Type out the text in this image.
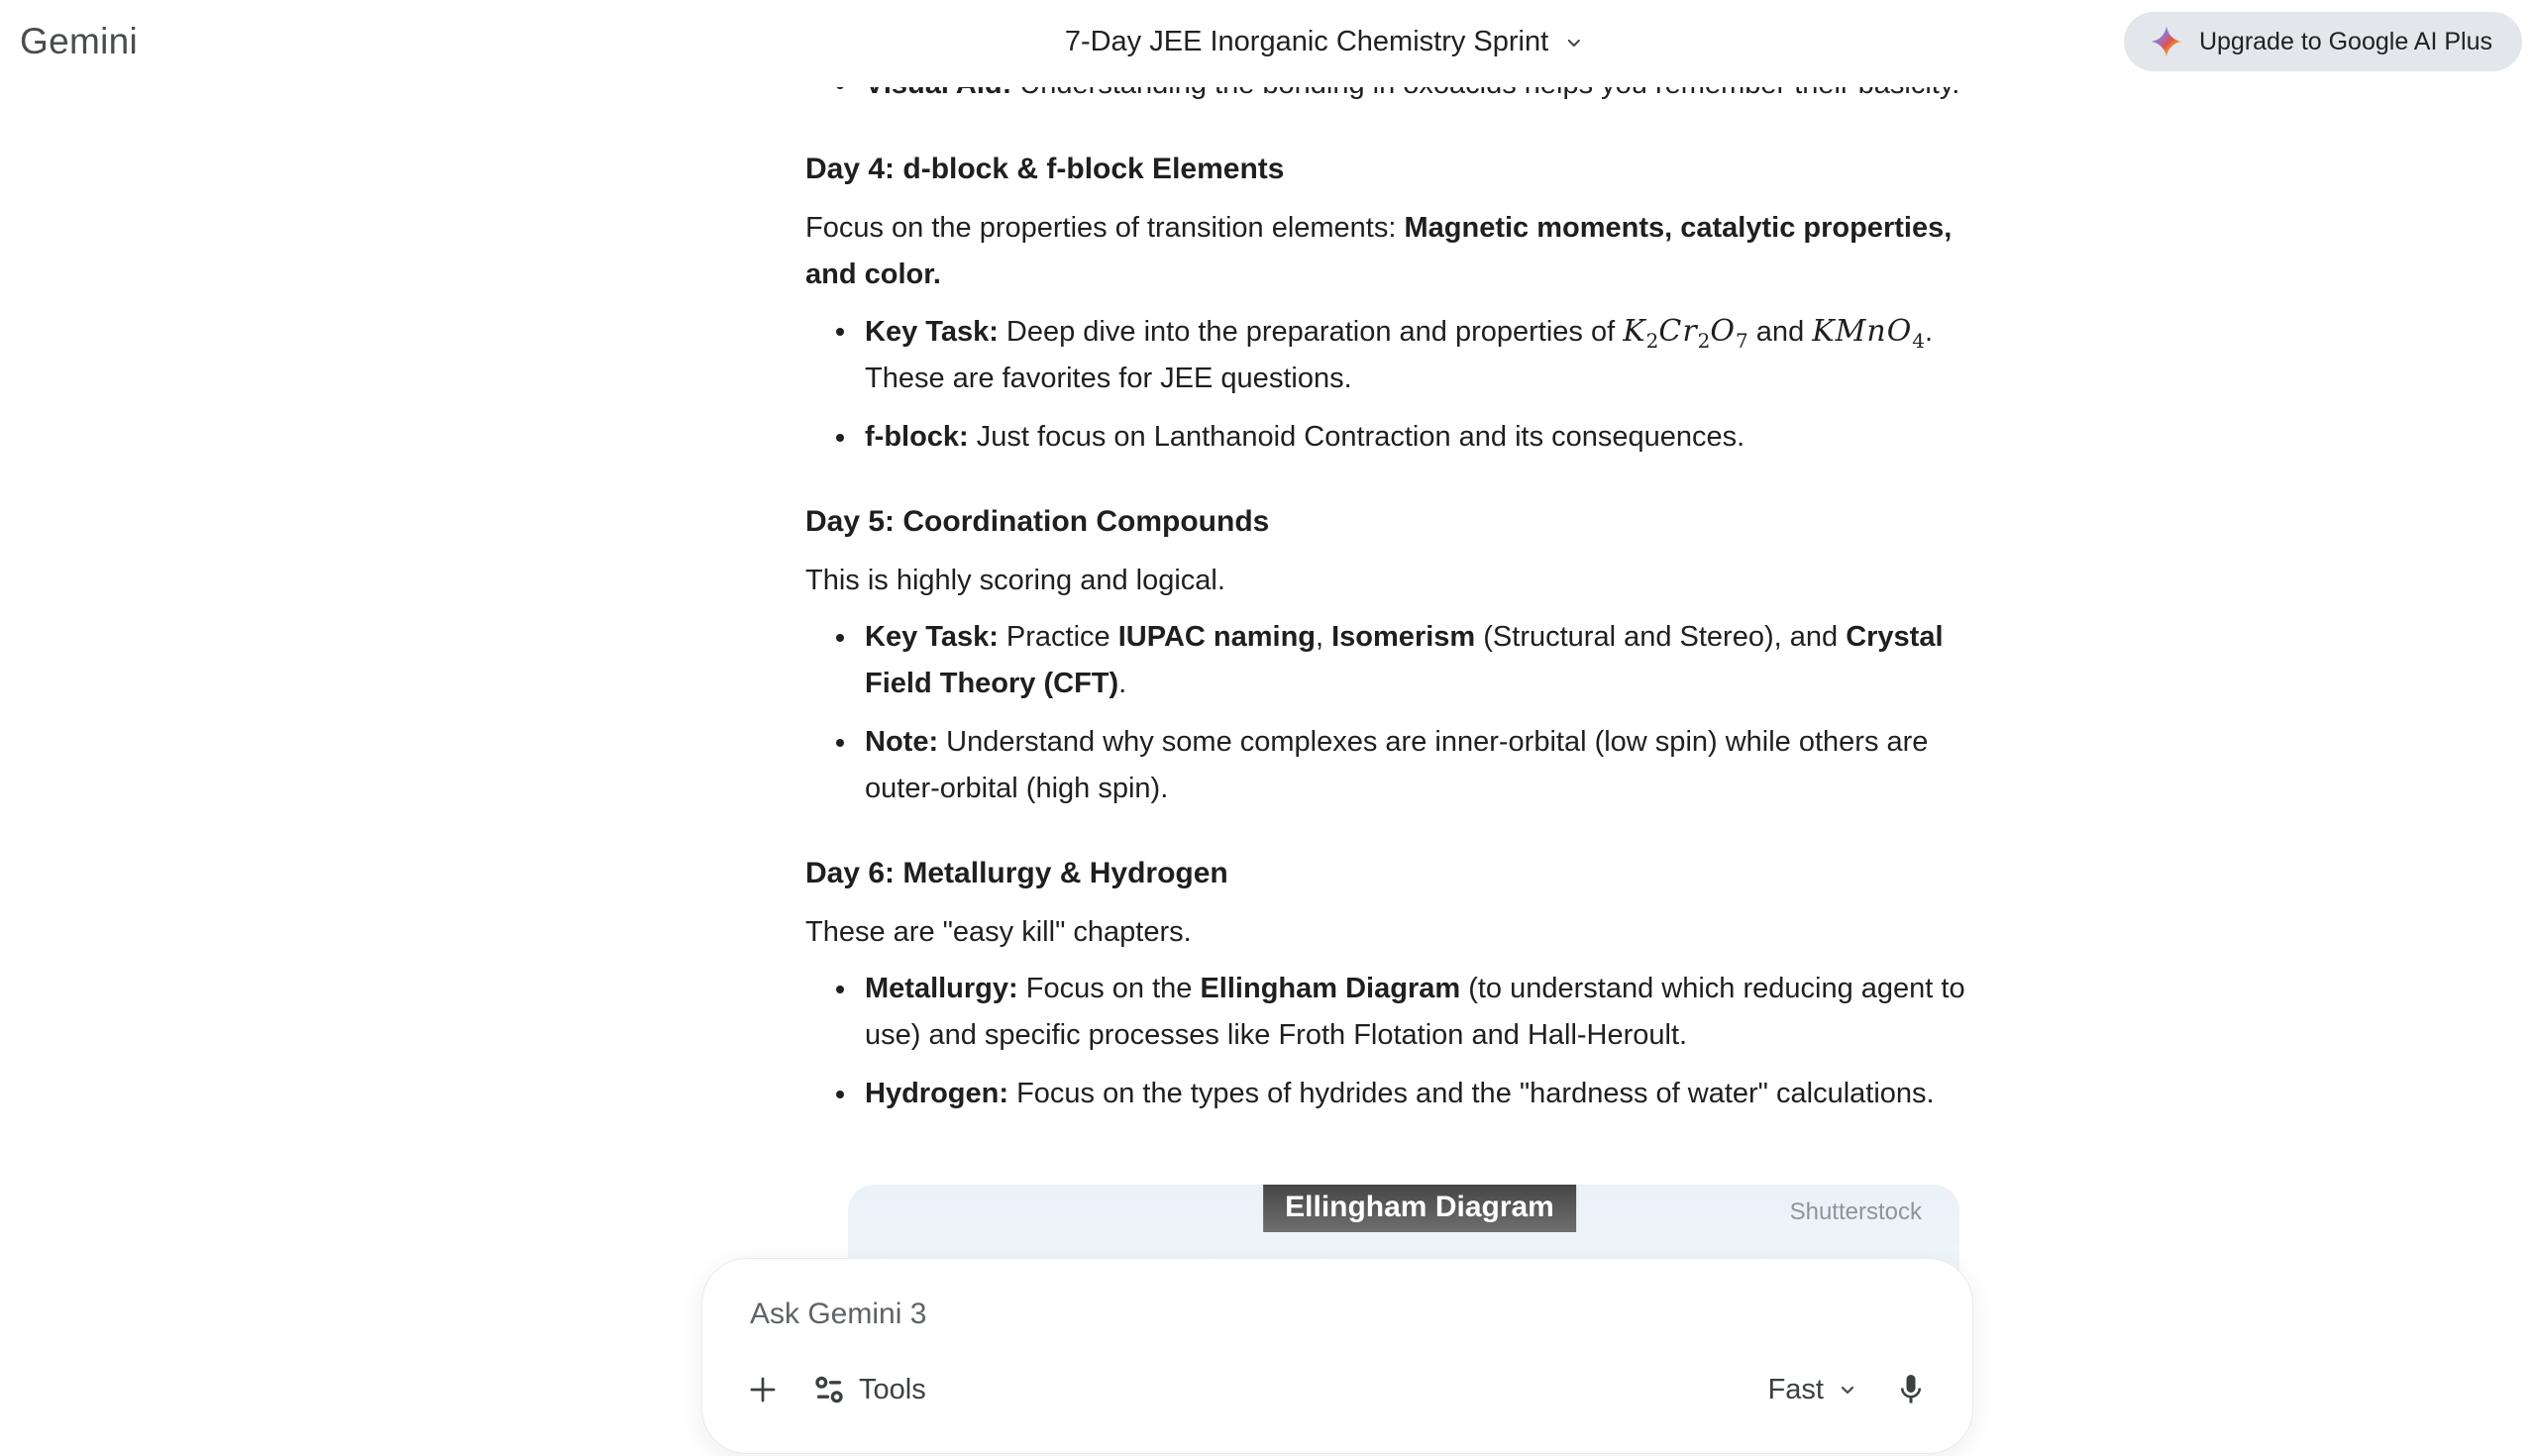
Gemini	7-Day JEE Inorganic Chemistry Sprint	Upgrade to Google AI Plus
Day 4: d-block & f-block Elements
Focus on the properties of transition elements: Magnetic moments, catalytic properties, and color.
Key Task: Deep dive into the preparation and properties of $K_2Cr_2O_7$ and KMnO$_4$. These are favorites for JEE questions.
f-block: Just focus on Lanthanoid Contraction and its consequences.
Day 5: Coordination Compounds
This is highly scoring and logical.
Key Task: Practice IUPAC naming, Isomerism (Structural and Stereo), and Crystal Field Theory (CFT).
Note: Understand why some complexes are inner-orbital (low spin) while others are outer-orbital (high spin).
Day 6: Metallurgy & Hydrogen
These are "easy kill" chapters.
Metallurgy: Focus on the Ellingham Diagram (to understand which reducing agent to use) and specific processes like Froth Flotation and Hall-Heroult.
Hydrogen: Focus on the types of hydrides and the "hardness of water" calculations.
Ellingham Diagram	Shutterstock
Ask Gemini 3
Tools	Fast
